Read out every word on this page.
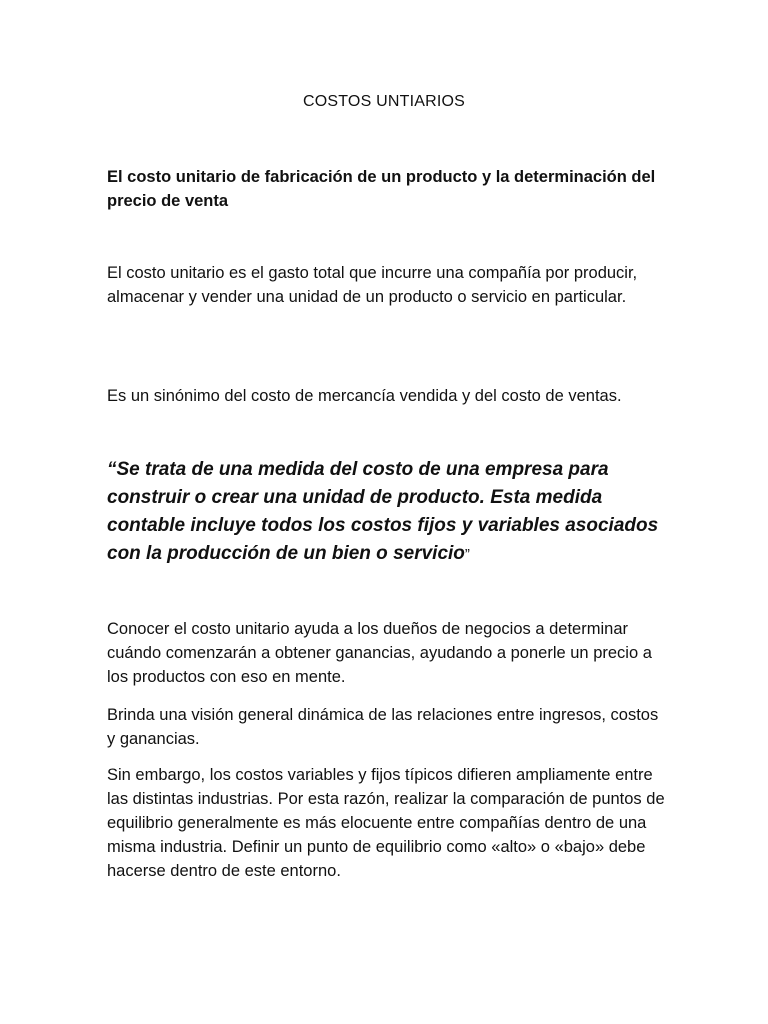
COSTOS UNTIARIOS
El costo unitario de fabricación de un producto y la determinación del precio de venta
El costo unitario es el gasto total que incurre una compañía por producir, almacenar y vender una unidad de un producto o servicio en particular.
Es un sinónimo del costo de mercancía vendida y del costo de ventas.
“Se trata de una medida del costo de una empresa para construir o crear una unidad de producto. Esta medida contable incluye todos los costos fijos y variables asociados con la producción de un bien o servicio”
Conocer el costo unitario ayuda a los dueños de negocios a determinar cuándo comenzarán a obtener ganancias, ayudando a ponerle un precio a los productos con eso en mente.
Brinda una visión general dinámica de las relaciones entre ingresos, costos y ganancias.
Sin embargo, los costos variables y fijos típicos difieren ampliamente entre las distintas industrias. Por esta razón, realizar la comparación de puntos de equilibrio generalmente es más elocuente entre compañías dentro de una misma industria. Definir un punto de equilibrio como «alto» o «bajo» debe hacerse dentro de este entorno.
